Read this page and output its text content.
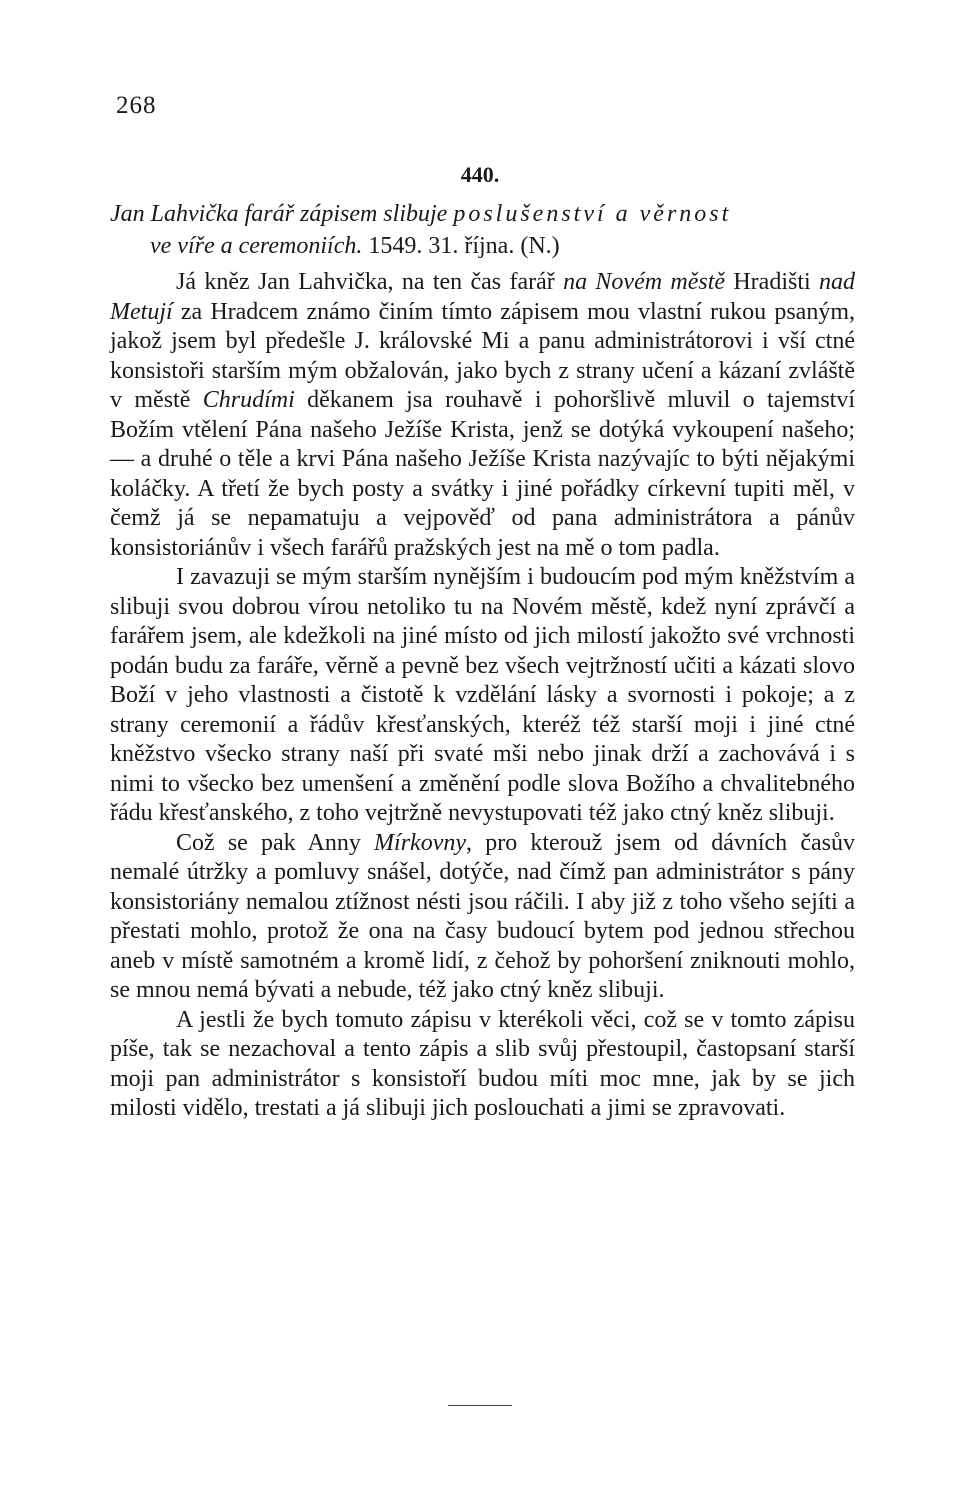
268
440.
Jan Lahvička farář zápisem slibuje poslušenství a věrnost
ve víře a ceremoniích. 1549. 31. října. (N.)

Já kněz Jan Lahvička, na ten čas farář na Novém městě Hradišti nad Metují za Hradcem známo činím tímto zápisem mou vlastní rukou psaným, jakož jsem byl předešle J. královské Mi a panu administrátorovi i vší ctné konsistoři starším mým obžalován, jako bych z strany učení a kázaní zvláště v městě Chrudími děkanem jsa rouhavě i pohoršlivě mluvil o tajemství Božím vtělení Pána našeho Ježíše Krista, jenž se dotýká vykoupení našeho; — a druhé o těle a krvi Pána našeho Ježíše Krista nazývajíc to býti nějakými koláčky. A třetí že bych posty a svátky i jiné pořádky církevní tupiti měl, v čemž já se nepamatuju a vejpověď od pana administrátora a pánův konsistoriánův i všech farářů pražských jest na mě o tom padla.

I zavazuji se mým starším nynějším i budoucím pod mým kněžstvím a slibuji svou dobrou vírou netoliko tu na Novém městě, kdež nyní zprávčí a farářem jsem, ale kdežkoli na jiné místo od jich milostí jakožto své vrchnosti podán budu za faráře, věrně a pevně bez všech vejtržností učiti a kázati slovo Boží v jeho vlastnosti a čistotě k vzdělání lásky a svornosti i pokoje; a z strany ceremonií a řádův křesťanských, kteréž též starší moji i jiné ctné kněžstvo všecko strany naší při svaté mši nebo jinak drží a zachovává i s nimi to všecko bez umenšení a změnění podle slova Božího a chvalitebného řádu křesťanského, z toho vejtržně nevystupovati též jako ctný kněz slibuji.

Což se pak Anny Mírkovny, pro kterouž jsem od dávních časův nemalé útržky a pomluvy snášel, dotýče, nad čímž pan administrátor s pány konsistoriány nemalou ztížnost nésti jsou ráčili. I aby již z toho všeho sejíti a přestati mohlo, protož že ona na časy budoucí bytem pod jednou střechou aneb v místě samotném a kromě lidí, z čehož by pohoršení zniknouti mohlo, se mnou nemá bývati a nebude, též jako ctný kněz slibuji.

A jestli že bych tomuto zápisu v kterékoli věci, což se v tomto zápisu píše, tak se nezachoval a tento zápis a slib svůj přestoupil, častopsaní starší moji pan administrátor s konsistoří budou míti moc mne, jak by se jich milosti vidělo, trestati a já slibuji jich poslouchati a jimi se zpravovati.
